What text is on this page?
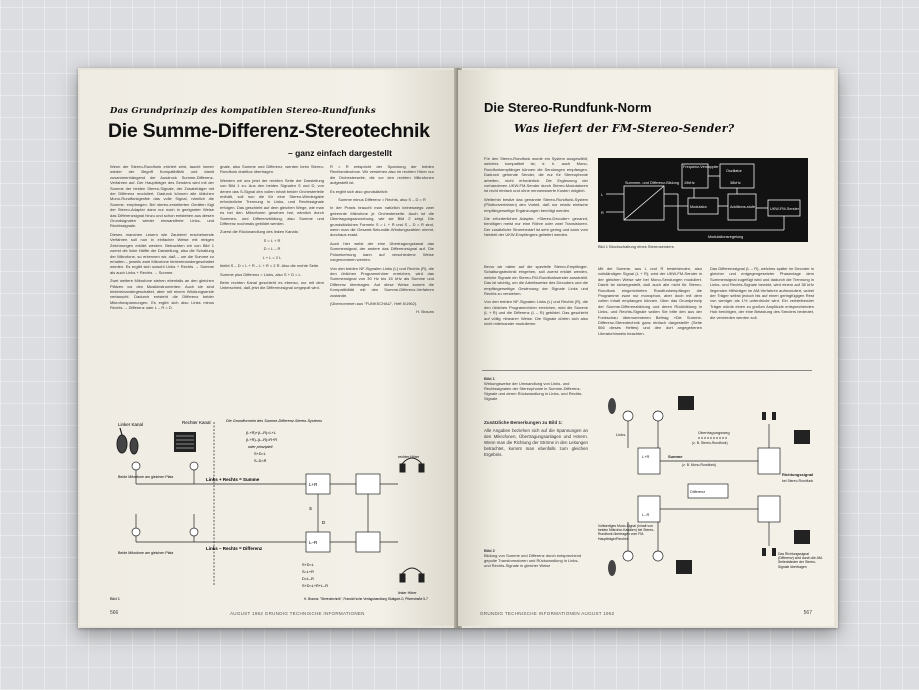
Das Grundprinzip des kompatiblen Stereo-Rundfunks
Die Summe-Differenz-Stereotechnik
– ganz einfach dargestellt

Wenn der Stereo-Rundfunk erörtert wird, taucht immer wieder der Begriff Kompatibilität und damit zusammenhängend der Ausdruck Summe-Differenz-Verfahren auf. Der Hauptträger des Senders wird mit der Summe der beiden Stereo-Signale, der Zusatzträger mit der Differenz moduliert. Dadurck können alle üblichen Mono-Rundfunkgeräte das volle Signal, nämlich die Summe, empfangen. Bei stereo-erweiterten Geräten fügt der Stereo-Adapter dann nur noch in geeigneter Weise das Differenzsignal hinzu und schon entstehen aus diesen Grundsignalen wieder einwandfreie Links- und Rechtssignale.

Dieses manchen Lesern wie Zauberei erscheinende Verfahren soll nun in einfacher Weise mit einigen Zeichnungen erklärt werden. Betrachten wir von Bild 1 zuerst die linke Hälfte der Darstellung, also die Schaltung der Mikrofone, so erkennen wir, daß – um die Summe zu erhalten – jeweils zwei Mikrofone hintereinandergeschaltet werden. Es ergibt sich sowohl Links + Rechts → Summe als auch Links + Rechts → Summe.

Zwei weitere Mikrofone stehen ebenfalls an den gleichen Plätzen vor den Musikinstrumenten. Auch sie sind hintereinandergeschaltet, aber mit einem Wicklungsende vertauscht. Dadurch entsteht die Differenz beider Mikrofonspannungen. Es ergibt sich also Links minus Rechts → Differenz oder L – R = D.

gnale, also Summe und Differenz, werden beim Stereo-Rundfunk drahtlos übertragen.

Wenden wir uns jetzt der rechten Seite der Darstellung von Bild 1 zu: Aus den beiden Signalen S und D, von denen das S-Signal den vollen Inhalt beider Orchesterteile enthält, soll nun die für eine Stereo-Wiedergabe erforderliche Trennung in Links- und Rechtssignale erfolgen. Das geschieht auf dem gleichen Wege, wie man es bei den Mikrofonen gesehen hat, nämlich durch Summen- und Differenzbildung, also Summe und Differenz nochmals gebildet werden.

Zuerst die Rückwandlung des linken Kanals:

S = L + R

D = L – R

L + L = 2 L

bleibt S – D = L + R – L + R = 2 R. Also die rechte Seite.

Summe plus Differenz = Links, also S + D = L.

Beim rechten Kanal geschieht es ebenso, nur mit dem Unterschied, daß jetzt die Differenzsignal umgepolt wird.

R = R entspricht der Spannung der beiden Rechtsmikrofone. Wir verstehen also im rechten Hörer nur die Orchesterseite, die vor den rechten Mikrofonen aufgestellt ist.

Es ergibt sich also grundsätzlich:

Summe minus Differenz = Rechts, also S – D = R

In der Praxis braucht man natürlich keineswegs zwei getrennte Mikrofone je Orchesterseite. Auch ist die Übertragungsanordnung, wie sie Bild 2 zeigt. Die grundsätzlichen Formeln S = L + R und S – D = R sind, wenn man die Gesamt-Sekundär-Windungszahlen nimmt, durchaus exakt.

Auch hier weist der eine Übertragungskanal das Summensignal, der andere das Differenzsignal auf. Die Polumkehrung kann auf verschiedene Weise vorgenommen werden.

Von den beiden NF-Signalen Links (L) und Rechts (R), die den üblichen Programmhörer erreichen, wird das Summensignal von 30 Hz bis 15 kHz als Summe und Differenz übertragen. Auf diese Weise kommt die Kompatibilität mit den Summe-Differenz-Verfahren zustande.

(Übernommen aus "FUNKSCHAU", Heft 5/1962).

H. Brauns

Linker Kanal	Rechter Kanal
Beide Mikrofone am gleichen Platz
Beide Mikrofone am gleichen Platz
Links + Rechts = Summe
Links – Rechts = Differenz
L+R
L–R
S
D
Die Grundformeln des Summe-Differenz-Stereo-Systems
(L+R)+(L–R)=L+L
(L+R)–(L–R)=R+R
oder prinzipiell
S+D=L
S–D=R
S+D=L
S=L+R
D=L–R
S+D=L+R+L–R
rechter Hörer
linker Hörer
Bild 1	H. Brauns: "Stereotechnik", Franckh'sche Verlagshandlung Stuttgart-O, Pfizerstraße 5-7
566	AUGUST 1962 GRUNDIG TECHNISCHE INFORMATIONEN
Die Stereo-Rundfunk-Norm
Was liefert der FM-Stereo-Sender?

Für den Stereo-Rundfunk wurde ein System ausgewählt, welches kompatibel ist, d. h. auch Mono-Rundfunkempfänger können die Sendungen empfangen. Dadurch gehende Sender, die nur für Stereophonie arbeiten, nicht erforderlich. Die Ergänzung der vorhandenen UKW-FM-Sender durch Stereo-Modulatoren ist recht einfach und ohne nennenswerte Kosten möglich.

Weiterhin besitzt das genannte Stereo-Rundfunk-System (Pilottonverfahren) den Vorteil, daß nur relativ einfache empfängerseitige Ergänzungen benötigt werden.

Die erforderlichen Adapter, »Stereo-Decoder« genannt, benötigen meist nur eine Röhre oder zwei Transistoren. Der zusätzliche Strombedarf ist sehr gering und kann vom Netzteil der UKW-Empfängers geliefert werden.

Frequenz-Verdoppler
19kHz
Oszillator
38kHz
Summen- und Differenz-Bildung
Modulator	Additions-stufe	UKW-FM-Sender
Modulationsregelung
L
R
Bild 1 Blockschaltung eines Stereosenders

Bevor wir näher auf die spezielle Stereo-Empfänger-Schaltungstechnik eingehen, soll zuerst erklärt werden, welche Signale ein Stereo-FM-Rundfunksender ausstrahlt. Das ist wichtig, um die Arbeitsweise des Decoders und die empfängerseitige Gewinnung der Signale Links und Rechts zu verstehen.

Von den beiden NF-Signalen Links (L) und Rechts (R), die den üblichen Programmhörer erreichen, wird die Summe (L + R) und die Differenz (L – R) gebildet. Das geschieht auf völlig »lineare« Weise. Die Signale dürfen sich also nicht miteinander modulieren.

Mit der Summe, aus L und R bestehenden, also vollständigen Signal (L + R), wird der UKW-FM-Sender in der gleichen Weise wie bei Mono-Sendungen moduliert. Damit ist sichergestellt, daß auch alle nicht für Stereo-Rundfunk eingerichteten Rundfunkempfänger die Programme zwar nur monophon, aber doch mit dem vollen Inhalt empfangen können. Über das Grundprinzip der Summe-Differenzbildung und deren Rückbildung in Links- und Rechts-Signale wollen Sie bitte den aus der Funkschau übernommenen Beitrag »Die Summe-Differenz-Stereotechnik ganz einfach dargestellt« (Seite 566 dieses Heftes) und den dort angegebenen Literaturhinweis beachten.

Das Differenzsignal (L – R), welches später im Decoder in gleicher und entgegengesetzter Phasenlage dem Summensignal zugefügt wird und dadurch die Trennung in Links- und Rechts-Signale bewirkt, wird einem auf 38 kHz liegenden Hilfsträger im AM-Verfahren aufmoduliert, wobei der Träger selbst jedoch bis auf einen geringfügigen Rest von weniger als 1% unterdrückt wird. Ein verbleibender Träger würde einen zu großen Amplitude entsprechenden Hub benötigen, der eine Belastung des Senders bedeutet, die vermieden werden soll.

Bild 1
Wirkungsweise der Umwandlung von Links- und Rechtssignalen der Stereophonie in Summe-Differenz-Signale und deren Rückwandlung in Links- und Rechts-Signale

Zusätzliche Bemerkungen zu Bild 1:

Alle Angaben beziehen sich auf die Spannungen an den Mikrofonen, Übertragungsanlagen und Hörern. Wenn man die Richtung der Ströme in den Leitungen betrachtet, kommt man ebenfalls zum gleichen Ergebnis.

Bild 2
Bildung von Summe und Differenz durch entsprechend gepolte Transformatoren und Rückwandlung in Links- und Rechts-Signale in gleicher Weise
Übertragungsweg
(z. B. Stereo-Rundfunk)
Summe
(z. B. Mono-Rundfunk)
Differenz
Links
Rechts
Richtungssignal
bei Stereo-Rundfunk
L+R
L–R
Vollwertiges Mono-Signal (Inhalt von beiden Mikrofon-Kanälen) bei Stereo-Rundfunk übertragen vom FM-Hauptträger
Das Richtungssignal (Differenz) wird durch die AM-Seitenbänder der Stereo-Signale übertragen
GRUNDIG TECHNISCHE INFORMATIONEN AUGUST 1962	567
